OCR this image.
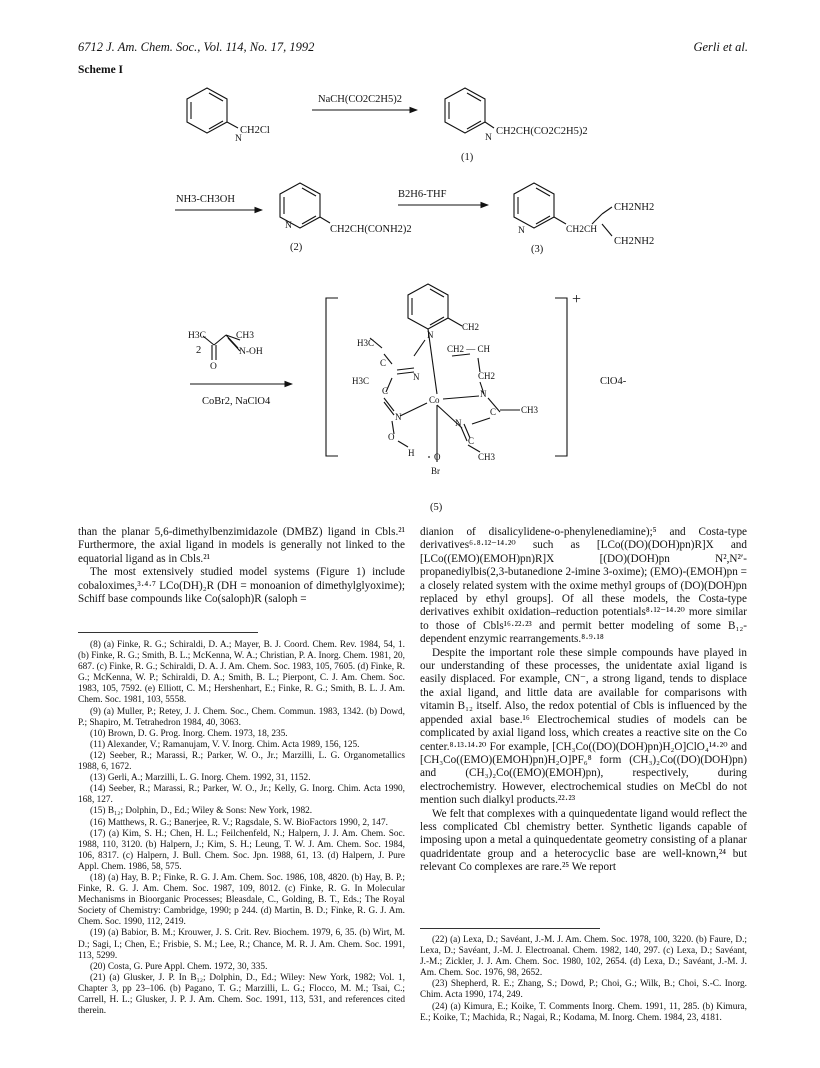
6712 J. Am. Chem. Soc., Vol. 114, No. 17, 1992	Gerli et al.
Scheme I
N
CH2Cl
NaCH(CO2C2H5)2
N
CH2CH(CO2C2H5)2
(1)
NH3-CH3OH
N	CH2CH(CONH2)2
(2)
B2H6-THF
N	CH2CH
CH2NH2
CH2NH2
(3)
H3C	CH3
N-OH
O
2
CoBr2, NaClO4
+
ClO4-
(5)
N
CH2
H3C
C
CH2 — CH
N	CH2
H3C
C	N
N
Co
C	CH3
O
N
C
H O	CH3
Br

than the planar 5,6-dimethylbenzimidazole (DMBZ) ligand in Cbls.²¹ Furthermore, the axial ligand in models is generally not linked to the equatorial ligand as in Cbls.²¹

The most extensively studied model systems (Figure 1) include cobaloximes,³·⁴·⁷ LCo(DH)₂R (DH = monoanion of dimethylglyoxime); Schiff base compounds like Co(saloph)R (saloph =

(8) (a) Finke, R. G.; Schiraldi, D. A.; Mayer, B. J. Coord. Chem. Rev. 1984, 54, 1. (b) Finke, R. G.; Smith, B. L.; McKenna, W. A.; Christian, P. A. Inorg. Chem. 1981, 20, 687. (c) Finke, R. G.; Schiraldi, D. A. J. Am. Chem. Soc. 1983, 105, 7605. (d) Finke, R. G.; McKenna, W. P.; Schiraldi, D. A.; Smith, B. L.; Pierpont, C. J. Am. Chem. Soc. 1983, 105, 7592. (e) Elliott, C. M.; Hershenhart, E.; Finke, R. G.; Smith, B. L. J. Am. Chem. Soc. 1981, 103, 5558.

(9) (a) Muller, P.; Retey, J. J. Chem. Soc., Chem. Commun. 1983, 1342. (b) Dowd, P.; Shapiro, M. Tetrahedron 1984, 40, 3063.

(10) Brown, D. G. Prog. Inorg. Chem. 1973, 18, 235.

(11) Alexander, V.; Ramanujam, V. V. Inorg. Chim. Acta 1989, 156, 125.

(12) Seeber, R.; Marassi, R.; Parker, W. O., Jr.; Marzilli, L. G. Organometallics 1988, 6, 1672.

(13) Gerli, A.; Marzilli, L. G. Inorg. Chem. 1992, 31, 1152.

(14) Seeber, R.; Marassi, R.; Parker, W. O., Jr.; Kelly, G. Inorg. Chim. Acta 1990, 168, 127.

(15) B₁₂; Dolphin, D., Ed.; Wiley & Sons: New York, 1982.

(16) Matthews, R. G.; Banerjee, R. V.; Ragsdale, S. W. BioFactors 1990, 2, 147.

(17) (a) Kim, S. H.; Chen, H. L.; Feilchenfeld, N.; Halpern, J. J. Am. Chem. Soc. 1988, 110, 3120. (b) Halpern, J.; Kim, S. H.; Leung, T. W. J. Am. Chem. Soc. 1984, 106, 8317. (c) Halpern, J. Bull. Chem. Soc. Jpn. 1988, 61, 13. (d) Halpern, J. Pure Appl. Chem. 1986, 58, 575.

(18) (a) Hay, B. P.; Finke, R. G. J. Am. Chem. Soc. 1986, 108, 4820. (b) Hay, B. P.; Finke, R. G. J. Am. Chem. Soc. 1987, 109, 8012. (c) Finke, R. G. In Molecular Mechanisms in Bioorganic Processes; Bleasdale, C., Golding, B. T., Eds.; The Royal Society of Chemistry: Cambridge, 1990; p 244. (d) Martin, B. D.; Finke, R. G. J. Am. Chem. Soc. 1990, 112, 2419.

(19) (a) Babior, B. M.; Krouwer, J. S. Crit. Rev. Biochem. 1979, 6, 35. (b) Wirt, M. D.; Sagi, I.; Chen, E.; Frisbie, S. M.; Lee, R.; Chance, M. R. J. Am. Chem. Soc. 1991, 113, 5299.

(20) Costa, G. Pure Appl. Chem. 1972, 30, 335.

(21) (a) Glusker, J. P. In B₁₂; Dolphin, D., Ed.; Wiley: New York, 1982; Vol. 1, Chapter 3, pp 23–106. (b) Pagano, T. G.; Marzilli, L. G.; Flocco, M. M.; Tsai, C.; Carrell, H. L.; Glusker, J. P. J. Am. Chem. Soc. 1991, 113, 531, and references cited therein.

dianion of disalicylidene-o-phenylenediamine);⁵ and Costa-type derivatives⁶·⁸·¹²⁻¹⁴·²⁰ such as [LCo((DO)(DOH)pn)R]X and [LCo((EMO)(EMOH)pn)R]X [(DO)(DOH)pn N²,N²′-propanediylbis(2,3-butanedione 2-imine 3-oxime); (EMO)-(EMOH)pn = a closely related system with the oxime methyl groups of (DO)(DOH)pn replaced by ethyl groups]. Of all these models, the Costa-type derivatives exhibit oxidation–reduction potentials⁸·¹²⁻¹⁴·²⁰ more similar to those of Cbls¹⁶·²²·²³ and permit better modeling of some B₁₂-dependent enzymic rearrangements.⁸·⁹·¹⁸

Despite the important role these simple compounds have played in our understanding of these processes, the unidentate axial ligand is easily displaced. For example, CN⁻, a strong ligand, tends to displace the axial ligand, and little data are available for comparisons with vitamin B₁₂ itself. Also, the redox potential of Cbls is influenced by the appended axial base.¹⁶ Electrochemical studies of models can be complicated by axial ligand loss, which creates a reactive site on the Co center.⁸·¹³·¹⁴·²⁰ For example, [CH₃Co((DO)(DOH)pn)H₂O]ClO₄¹⁴·²⁰ and [CH₃Co((EMO)(EMOH)pn)H₂O]PF₆⁸ form (CH₃)₂Co((DO)(DOH)pn) and (CH₃)₂Co((EMO)(EMOH)pn), respectively, during electrochemistry. However, electrochemical studies on MeCbl do not mention such dialkyl products.²²·²³

We felt that complexes with a quinquedentate ligand would reflect the less complicated Cbl chemistry better. Synthetic ligands capable of imposing upon a metal a quinquedentate geometry consisting of a planar quadridentate group and a heterocyclic base are well-known,²⁴ but relevant Co complexes are rare.²⁵ We report

(22) (a) Lexa, D.; Savéant, J.-M. J. Am. Chem. Soc. 1978, 100, 3220. (b) Faure, D.; Lexa, D.; Savéant, J.-M. J. Electroanal. Chem. 1982, 140, 297. (c) Lexa, D.; Savéant, J.-M.; Zickler, J. J. Am. Chem. Soc. 1980, 102, 2654. (d) Lexa, D.; Savéant, J.-M. J. Am. Chem. Soc. 1976, 98, 2652.

(23) Shepherd, R. E.; Zhang, S.; Dowd, P.; Choi, G.; Wilk, B.; Choi, S.-C. Inorg. Chim. Acta 1990, 174, 249.

(24) (a) Kimura, E.; Koike, T. Comments Inorg. Chem. 1991, 11, 285. (b) Kimura, E.; Koike, T.; Machida, R.; Nagai, R.; Kodama, M. Inorg. Chem. 1984, 23, 4181.
